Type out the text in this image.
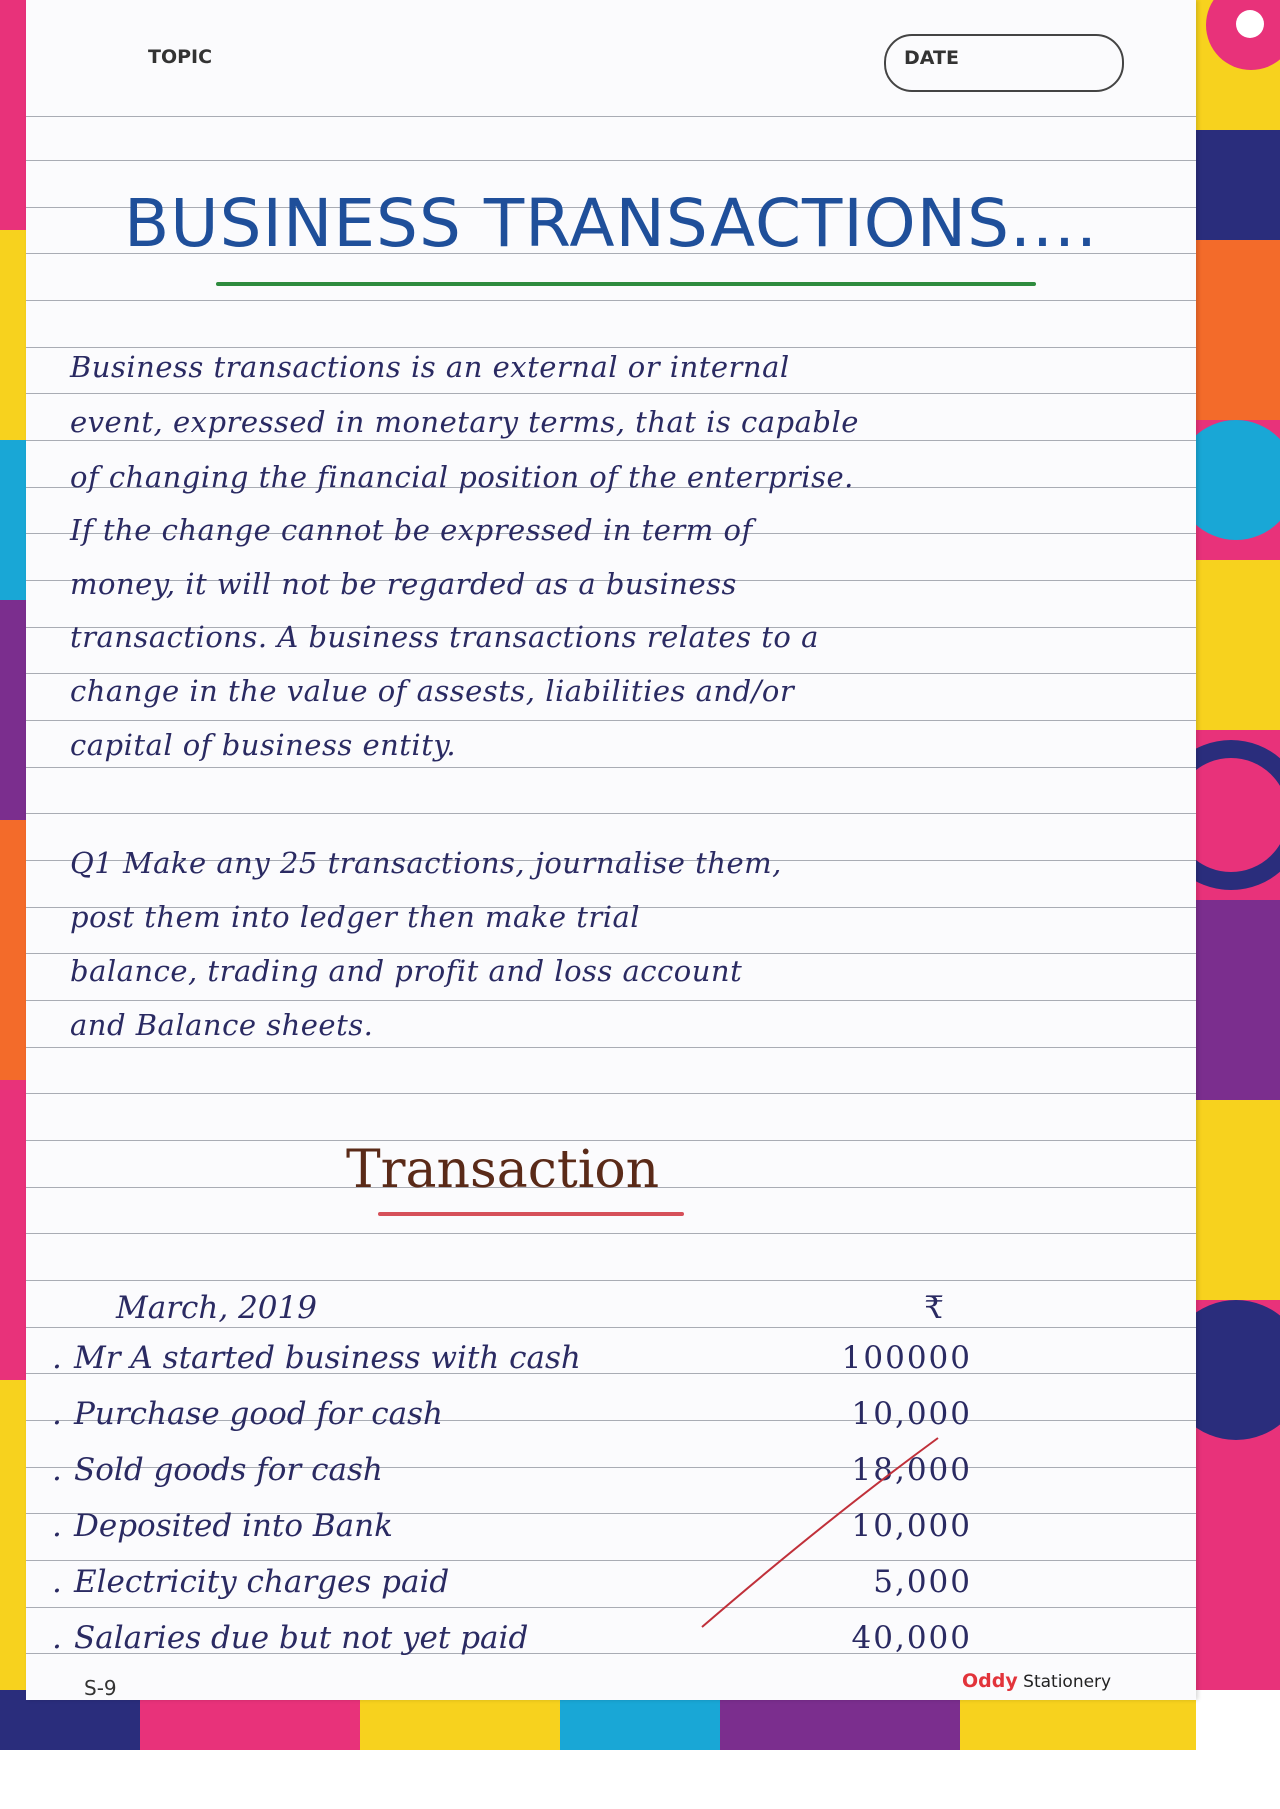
TOPIC	DATE
BUSINESS TRANSACTIONS....
Business transactions is an external or internal
event, expressed in monetary terms, that is capable
of changing the financial position of the enterprise.
If the change cannot be expressed in term of
money, it will not be regarded as a business
transactions. A business transactions relates to a
change in the value of assests, liabilities and/or
capital of business entity.
Q1 Make any 25 transactions, journalise them,
post them into ledger then make trial
balance, trading and profit and loss account
and Balance sheets.
Transaction
March, 2019	₹
. Mr A started business with cash	100000
. Purchase good for cash	10,000
. Sold goods for cash	18,000
. Deposited into Bank	10,000
. Electricity charges paid	5,000
. Salaries due but not yet paid	40,000
S-9	Oddy Stationery
